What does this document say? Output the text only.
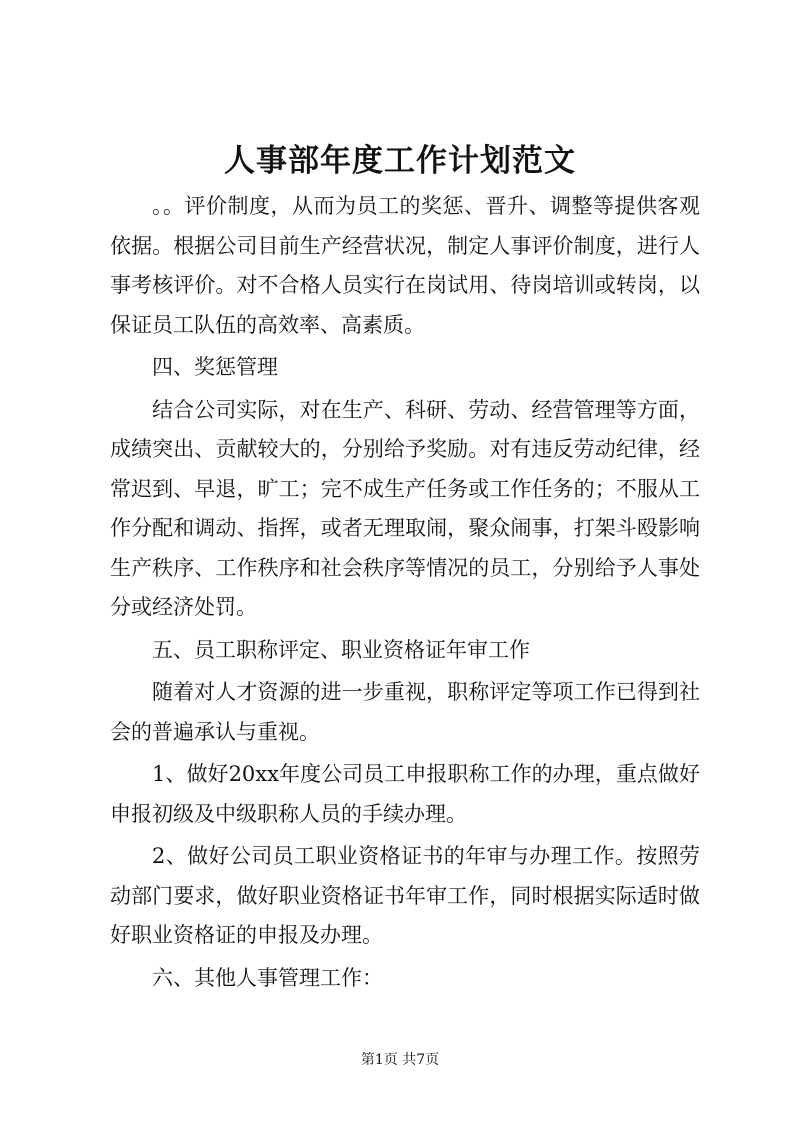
人事部年度工作计划范文

。。评价制度，从而为员工的奖惩、晋升、调整等提供客观依据。根据公司目前生产经营状况，制定人事评价制度，进行人事考核评价。对不合格人员实行在岗试用、待岗培训或转岗，以保证员工队伍的高效率、高素质。

四、奖惩管理

结合公司实际，对在生产、科研、劳动、经营管理等方面，成绩突出、贡献较大的，分别给予奖励。对有违反劳动纪律，经常迟到、早退，旷工；完不成生产任务或工作任务的；不服从工作分配和调动、指挥，或者无理取闹，聚众闹事，打架斗殴影响生产秩序、工作秩序和社会秩序等情况的员工，分别给予人事处分或经济处罚。

五、员工职称评定、职业资格证年审工作

随着对人才资源的进一步重视，职称评定等项工作已得到社会的普遍承认与重视。

1、做好20xx年度公司员工申报职称工作的办理，重点做好申报初级及中级职称人员的手续办理。

2、做好公司员工职业资格证书的年审与办理工作。按照劳动部门要求，做好职业资格证书年审工作，同时根据实际适时做好职业资格证的申报及办理。

六、其他人事管理工作：

第1页 共7页
